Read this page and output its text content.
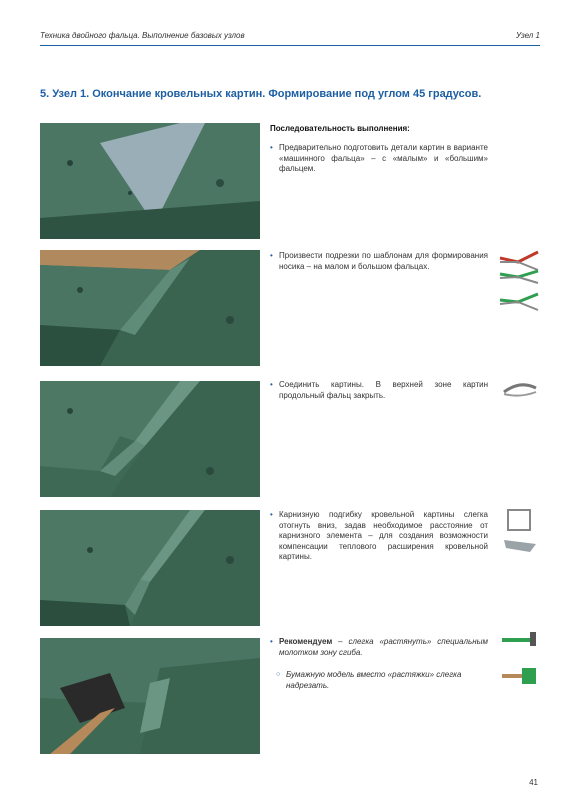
Техника двойного фальца. Выполнение базовых узлов	Узел 1
5. Узел 1. Окончание кровельных картин. Формирование под углом 45 градусов.
Последовательность выполнения:
• Предварительно подготовить детали картин в варианте «машинного фальца» – с «малым» и «большим» фальцем.
• Произвести подрезки по шаблонам для формирования носика – на малом и большом фальцах.
• Соединить картины. В верхней зоне картин продольный фальц закрыть.
• Карнизную подгибку кровельной картины слегка отогнуть вниз, задав необходимое расстояние от карнизного элемента – для создания возможности компенсации теплового расширения кровельной картины.
• Рекомендуем – слегка «растянуть» специальным молотком зону сгиба.
○ Бумажную модель вместо «растяжки» слегка надрезать.
41
